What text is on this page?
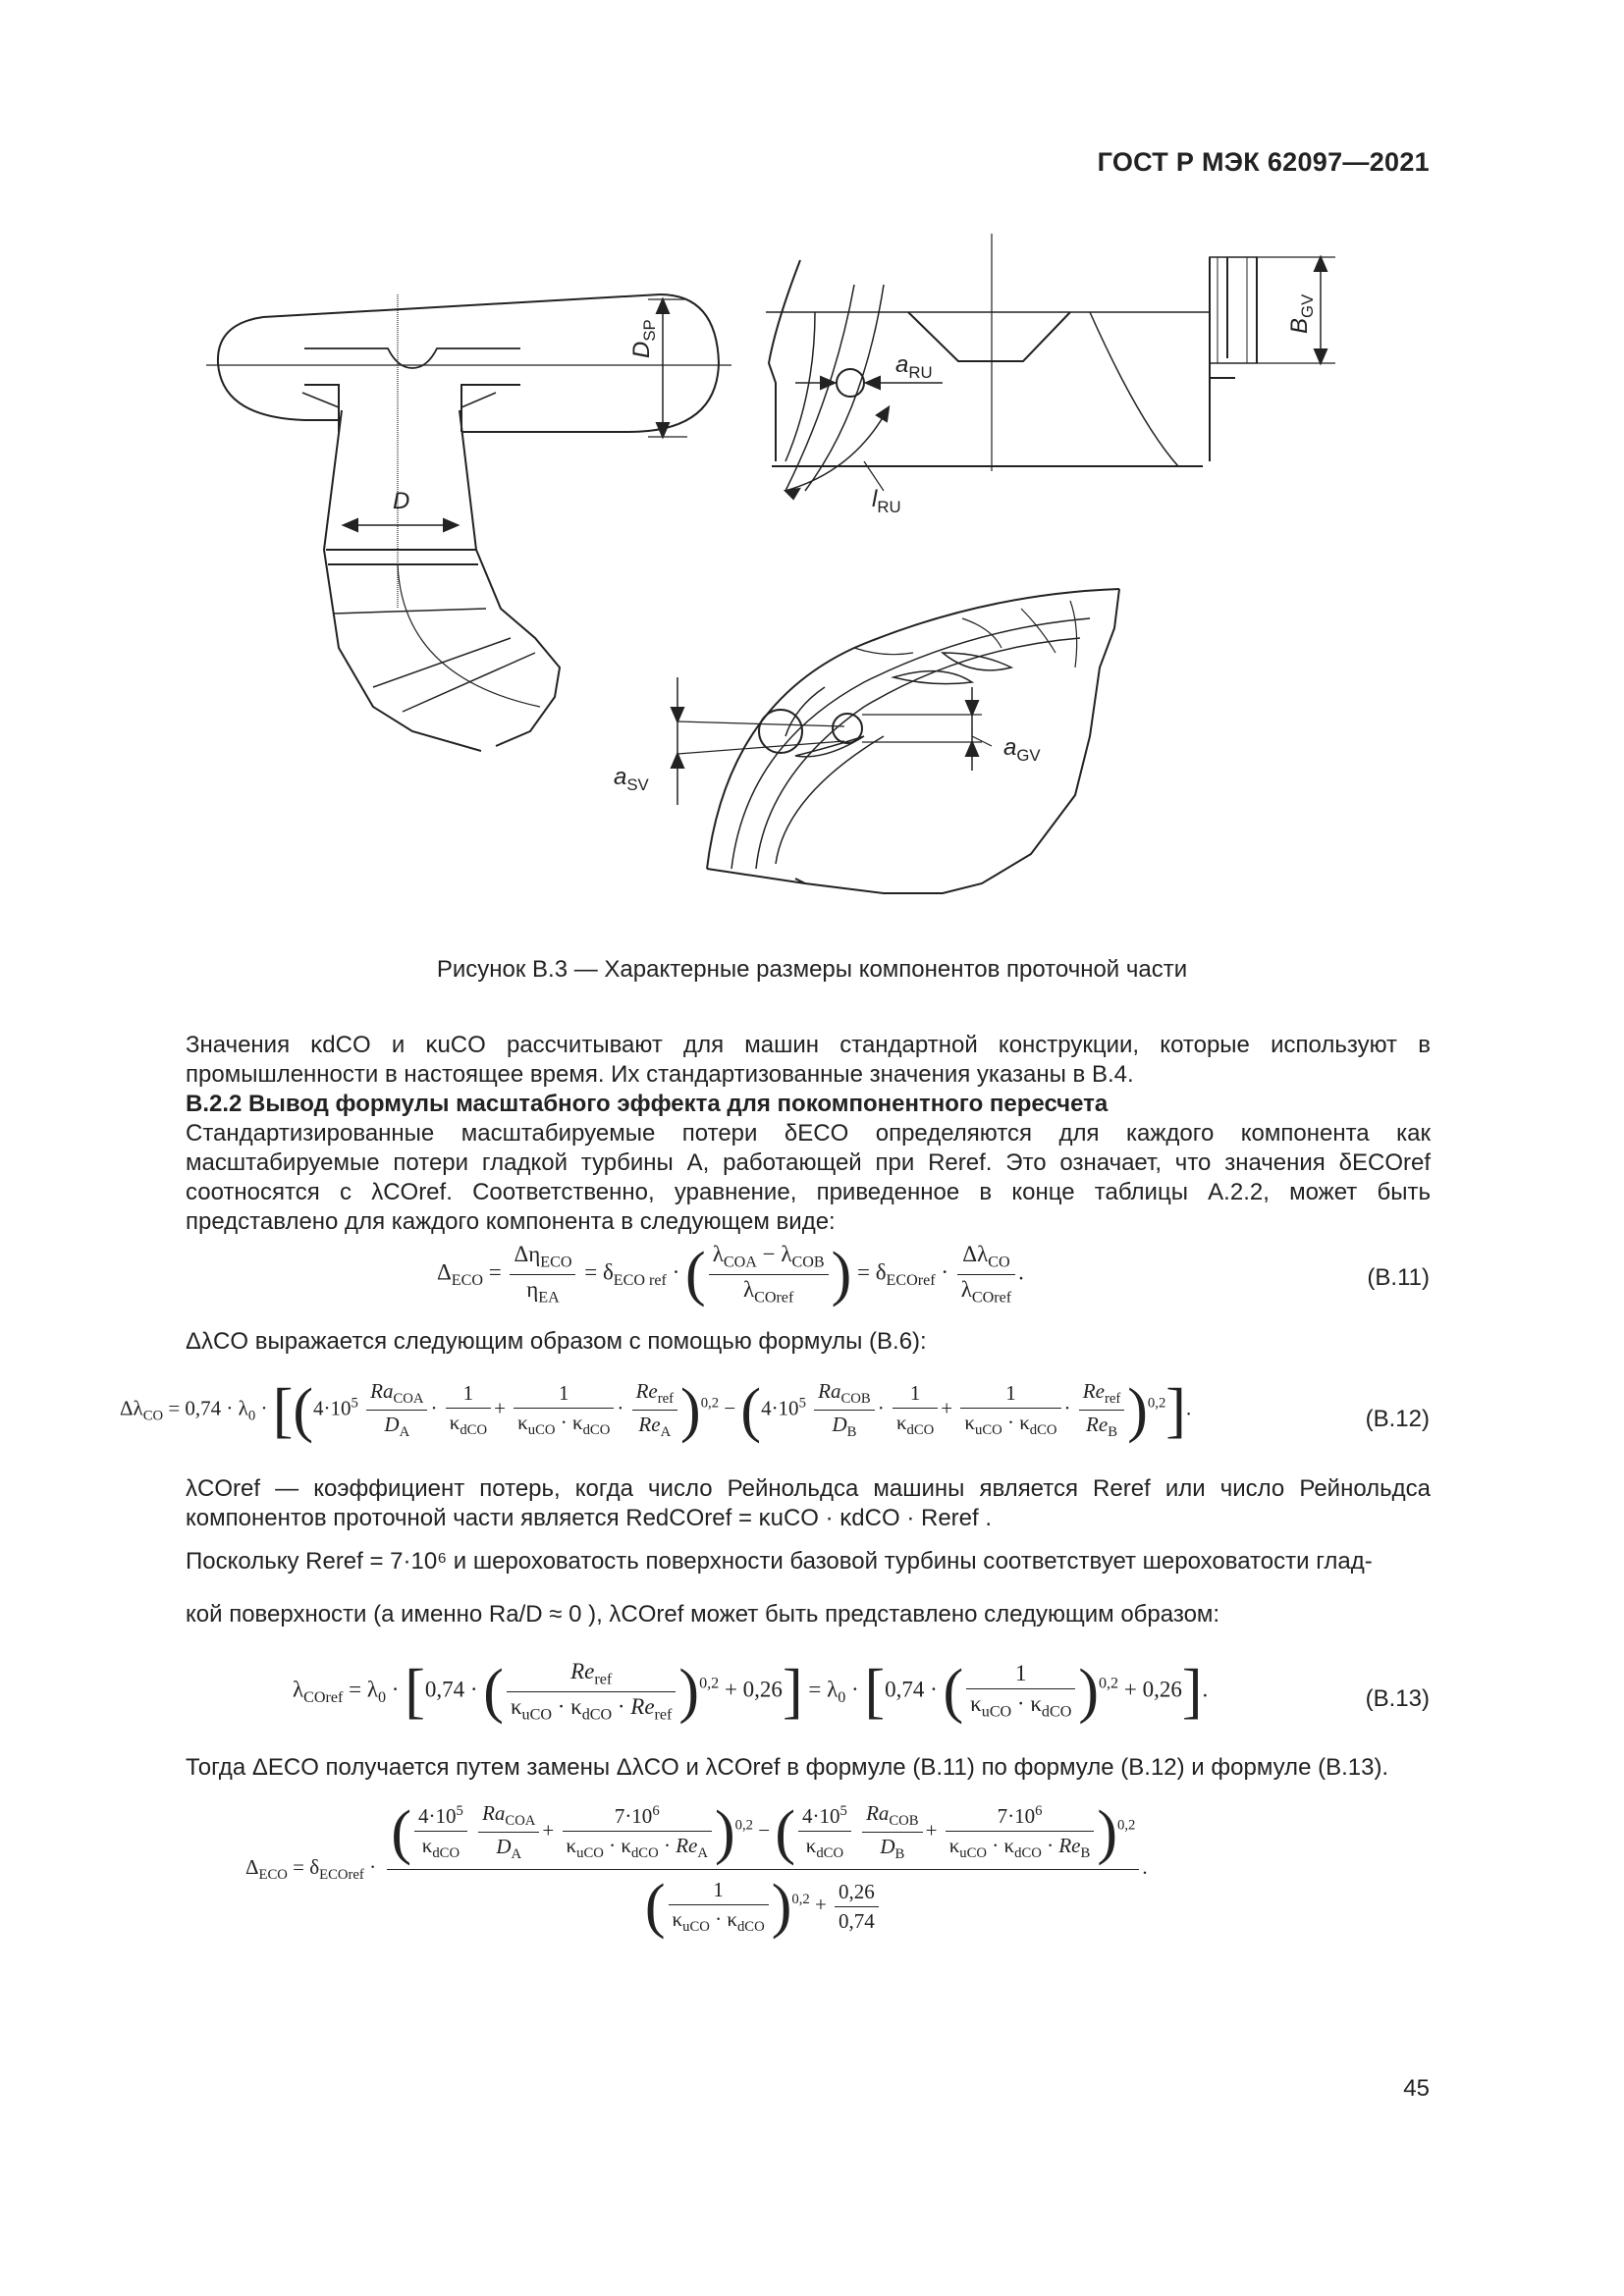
ГОСТ Р МЭК 62097—2021
$D_{SP}$
D
$B_{GV}$
$a_{RU}$
$l_{RU}$
$a_{SV}$
$a_{GV}$
Рисунок B.3 — Характерные размеры компонентов проточной части

Значения κdCO и κuCO рассчитывают для машин стандартной конструкции, которые используют в промышленности в настоящее время. Их стандартизованные значения указаны в В.4.

В.2.2 Вывод формулы масштабного эффекта для покомпонентного пересчета

Стандартизированные масштабируемые потери δECO определяются для каждого компонента как масштабируемые потери гладкой турбины А, работающей при Reref. Это означает, что значения δECOref соотносятся с λCOref. Соответственно, уравнение, приведенное в конце таблицы А.2.2, может быть представлено для каждого компонента в следующем виде:

$\Delta_{ECO} = \frac{\Delta\eta_{ECO}}{\eta_{EA}} = \delta_{ECO ref}$ · ( $\frac{\lambda_{COA} - \lambda_{COB}}{\lambda_{COref}}$ ) = $\delta_{ECOref} \cdot \frac{\Delta\lambda_{CO}}{\lambda_{COref}}$ .	(B.11)

ΔλCO выражается следующим образом с помощью формулы (В.6):

$\Delta\lambda_{CO} = 0,74 \cdot \lambda_0 \cdot [(4\cdot 10^5 \frac{Ra_{COA}}{D_A} \cdot \frac{1}{\kappa_{dCO}} + \frac{1}{\kappa_{uCO} \cdot \kappa_{dCO}} \cdot \frac{Re_{ref}}{Re_A} )^{0,2} - (4\cdot 10^5 \frac{Ra_{COB}}{D_B} \cdot \frac{1}{\kappa_{dCO}} + \frac{1}{\kappa_{uCO} \cdot \kappa_{dCO}} \cdot \frac{Re_{ref}}{Re_B} )^{0,2}]$.	(B.12)

λCOref — коэффициент потерь, когда число Рейнольдса машины является Reref или число Рейнольдса компонентов проточной части является RedCOref = κuCO · κdCO · Reref .

Поскольку Reref = 7·10⁶ и шероховатость поверхности базовой турбины соответствует шероховатости глад-

кой поверхности (а именно Ra/D ≈ 0 ), λCOref может быть представлено следующим образом:

$\lambda_{COref} = \lambda_0 \cdot [0,74$ · ( $\frac{Re_{ref}}{\kappa_{uCO} \cdot \kappa_{dCO} \cdot Re_{ref}} )^{0,2} + 0,26] = \lambda_0 \cdot [0,74$ · ( $\frac{1}{\kappa_{uCO} \cdot \kappa_{dCO}} )^{0,2} + 0,26$].	(B.13)

Тогда ΔECO получается путем замены ΔλCO и λCOref в формуле (В.11) по формуле (В.12) и формуле (В.13).

$\Delta_{ECO} = \delta_{ECOref}$ ·
( $\frac{4\cdot 10^5}{\kappa_{dCO}}$
$\frac{Ra_{COA}}{D_A} + \frac{7\cdot 10^6}{\kappa_{uCO} \cdot \kappa_{dCO} \cdot Re_A} )^{0,2}$ − ( $\frac{4\cdot 10^5}{\kappa_{dCO}}$
$\frac{Ra_{COB}}{D_B} + \frac{7\cdot 10^6}{\kappa_{uCO} \cdot \kappa_{dCO} \cdot Re_B} )^{0,2}$
( $\frac{1}{\kappa_{uCO} \cdot \kappa_{dCO}} )^{0,2} + \frac{0,26}{0,74}$
.
45
